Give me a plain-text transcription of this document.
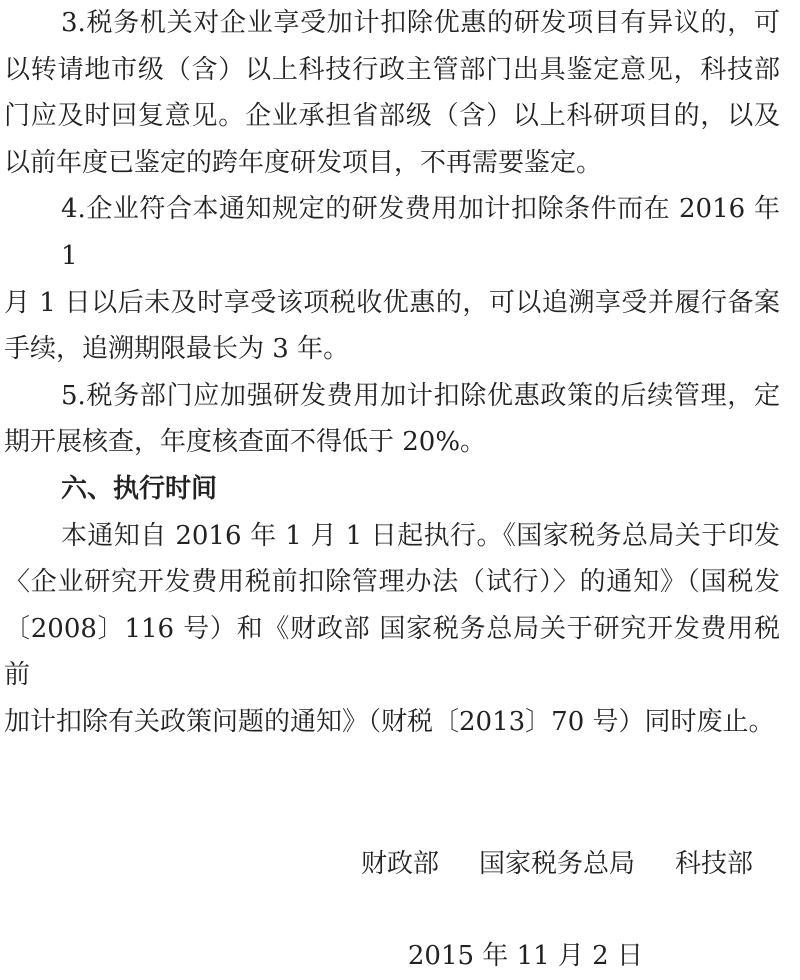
3.税务机关对企业享受加计扣除优惠的研发项目有异议的，可
以转请地市级（含）以上科技行政主管部门出具鉴定意见，科技部
门应及时回复意见。企业承担省部级（含）以上科研项目的，以及
以前年度已鉴定的跨年度研发项目，不再需要鉴定。
4.企业符合本通知规定的研发费用加计扣除条件而在 2016 年 1
月 1 日以后未及时享受该项税收优惠的，可以追溯享受并履行备案
手续，追溯期限最长为 3 年。
5.税务部门应加强研发费用加计扣除优惠政策的后续管理，定
期开展核查，年度核查面不得低于 20%。
六、执行时间
本通知自 2016 年 1 月 1 日起执行。《国家税务总局关于印发
〈企业研究开发费用税前扣除管理办法（试行）〉的通知》（国税发
〔2008〕116 号）和《财政部 国家税务总局关于研究开发费用税前
加计扣除有关政策问题的通知》（财税〔2013〕70 号）同时废止。
财政部 国家税务总局 科技部
2015 年 11 月 2 日
